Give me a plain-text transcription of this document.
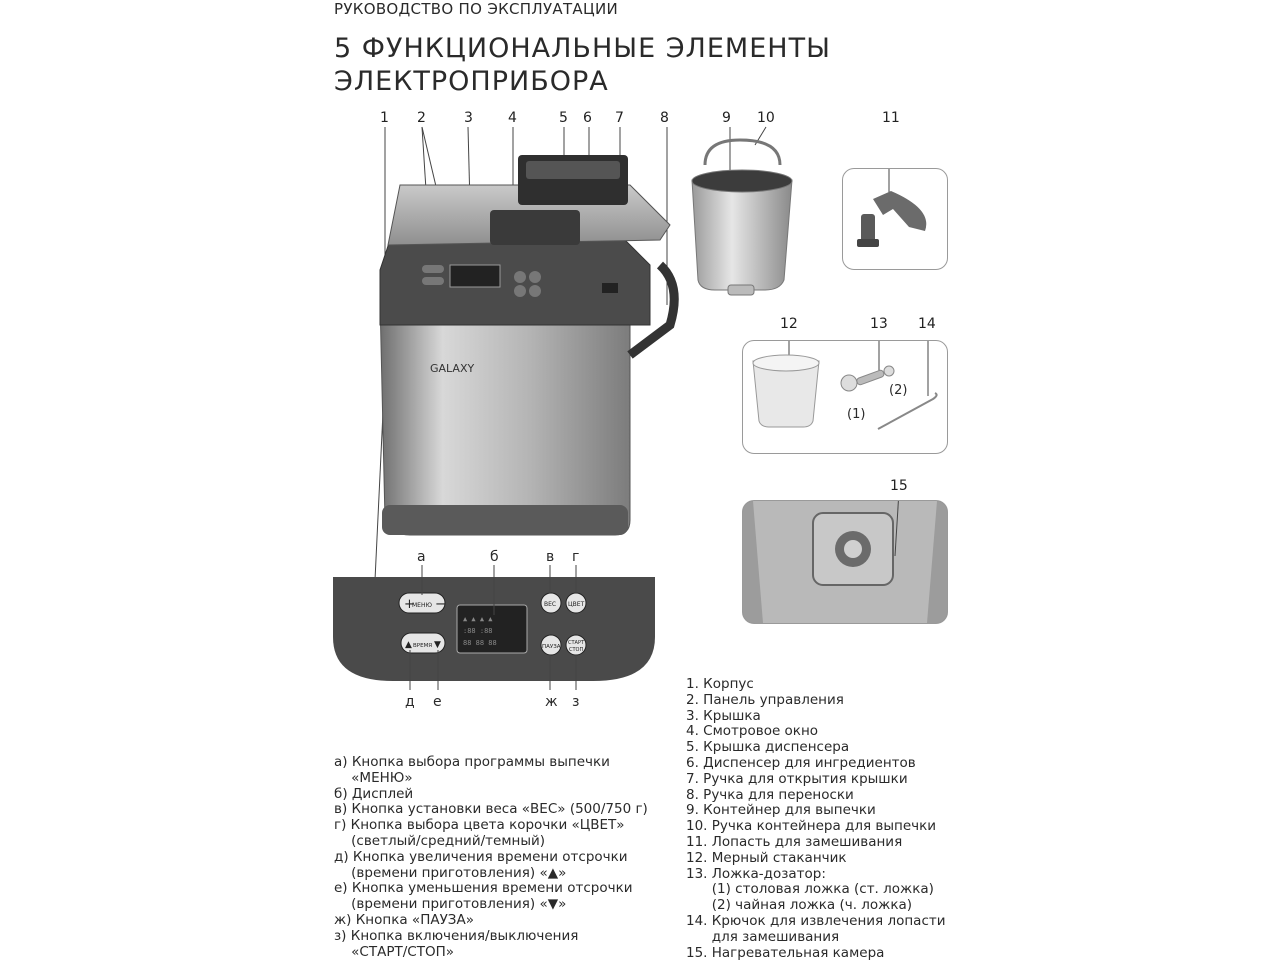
РУКОВОДСТВО ПО ЭКСПЛУАТАЦИИ
5 ФУНКЦИОНАЛЬНЫЕ ЭЛЕМЕНТЫ
ЭЛЕКТРОПРИБОРА
1 2	3	4	5 6 7	8	9 10	11
12	13 14
15
GALAXY
(1)
(2)
+ −
МЕНЮ
▲ ▲ ▲ ▲
:88 :88
88 88 88
ВЕС ЦВЕТ
▲ ▼
ВРЕМЯ	ПАУЗА
СТАРТ
СТОП
а	б	в г
д е	ж з
1. Корпус
2. Панель управления
3. Крышка
4. Смотровое окно
5. Крышка диспенсера
6. Диспенсер для ингредиентов
7. Ручка для открытия крышки
8. Ручка для переноски
9. Контейнер для выпечки
10. Ручка контейнера для выпечки
11. Лопасть для замешивания
12. Мерный стаканчик
13. Ложка-дозатор:
(1) столовая ложка (ст. ложка)
(2) чайная ложка (ч. ложка)
14. Крючок для извлечения лопасти
для замешивания
15. Нагревательная камера
а) Кнопка выбора программы выпечки
«МЕНЮ»
б) Дисплей
в) Кнопка установки веса «ВЕС» (500/750 г)
г) Кнопка выбора цвета корочки «ЦВЕТ»
(светлый/средний/темный)
д) Кнопка увеличения времени отсрочки
(времени приготовления) «▲»
е) Кнопка уменьшения времени отсрочки
(времени приготовления) «▼»
ж) Кнопка «ПАУЗА»
з) Кнопка включения/выключения
«СТАРТ/СТОП»
